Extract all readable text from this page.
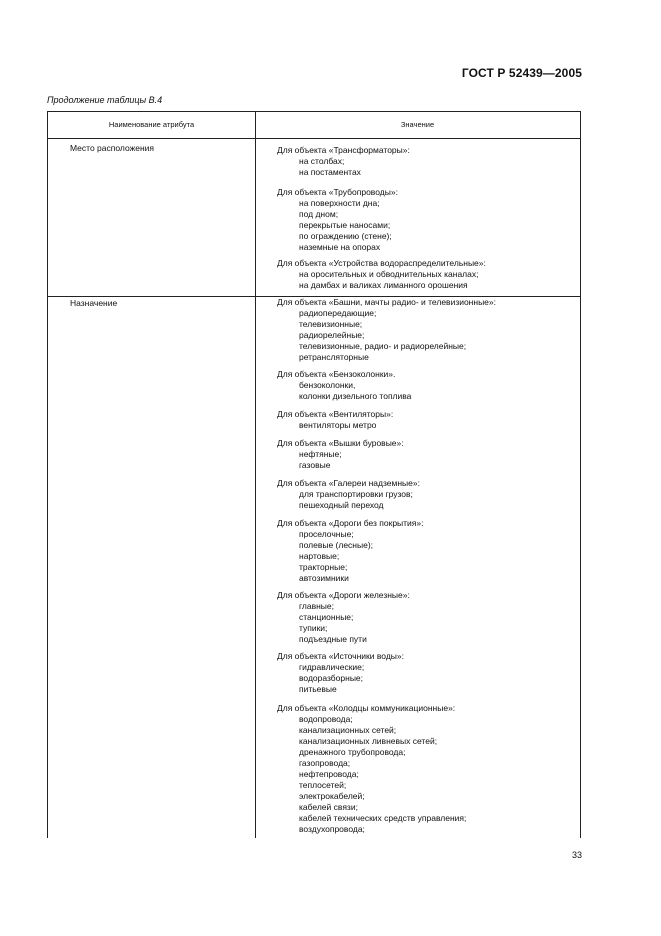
ГОСТ Р 52439—2005
Продолжение таблицы В.4
Наименование атрибута	Значение
Место расположения	Для объекта «Трансформаторы»:
на столбах;
на постаментах
Для объекта «Трубопроводы»:
на поверхности дна;
под дном;
перекрытые наносами;
по ограждению (стене);
наземные на опорах
Для объекта «Устройства водораспределительные»:
на оросительных и обводнительных каналах;
на дамбах и валиках лиманного орошения
Назначение	Для объекта «Башни, мачты радио- и телевизионные»:
радиопередающие;
телевизионные;
радиорелейные;
телевизионные, радио- и радиорелейные;
ретрансляторные
Для объекта «Бензоколонки».
бензоколонки,
колонки дизельного топлива
Для объекта «Вентиляторы»:
вентиляторы метро
Для объекта «Вышки буровые»:
нефтяные;
газовые
Для объекта «Галереи надземные»:
для транспортировки грузов;
пешеходный переход
Для объекта «Дороги без покрытия»:
проселочные;
полевые (лесные);
нартовые;
тракторные;
автозимники
Для объекта «Дороги железные»:
главные;
станционные;
тупики;
подъездные пути
Для объекта «Источники воды»:
гидравлические;
водоразборные;
питьевые
Для объекта «Колодцы коммуникационные»:
водопровода;
канализационных сетей;
канализационных ливневых сетей;
дренажного трубопровода;
газопровода;
нефтепровода;
теплосетей;
электрокабелей;
кабелей связи;
кабелей технических средств управления;
воздухопровода;
33
